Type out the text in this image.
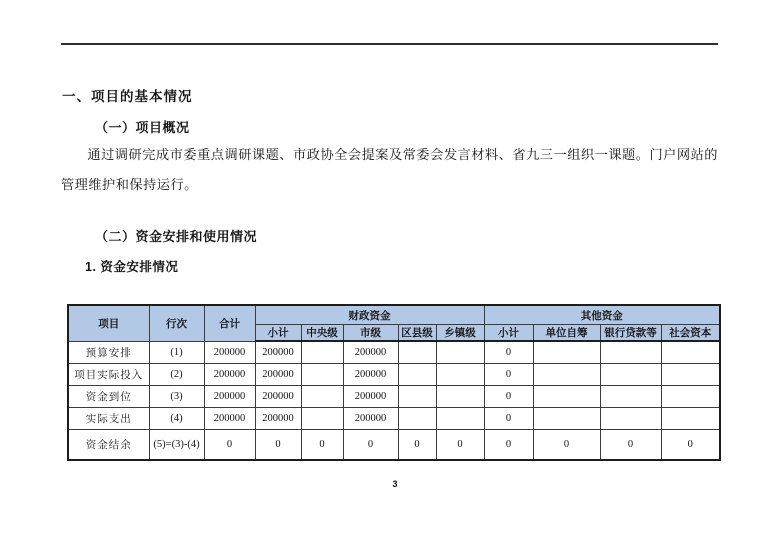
一、项目的基本情况
（一）项目概况
通过调研完成市委重点调研课题、市政协全会提案及常委会发言材料、省九三一组织一课题。门户网站的管理维护和保持运行。
（二）资金安排和使用情况
1. 资金安排情况
项目	行次	合计	财政资金					其他资金			
			小计	中央级	市级	区县级	乡镇级	小计	单位自筹	银行贷款等	社会资本
预算安排	(1)	200000	200000		200000			0			
项目实际投入	(2)	200000	200000		200000			0			
资金到位	(3)	200000	200000		200000			0			
实际支出	(4)	200000	200000		200000			0			
资金结余	(5)=(3)-(4)	0	0	0	0	0	0	0	0	0	0
3
